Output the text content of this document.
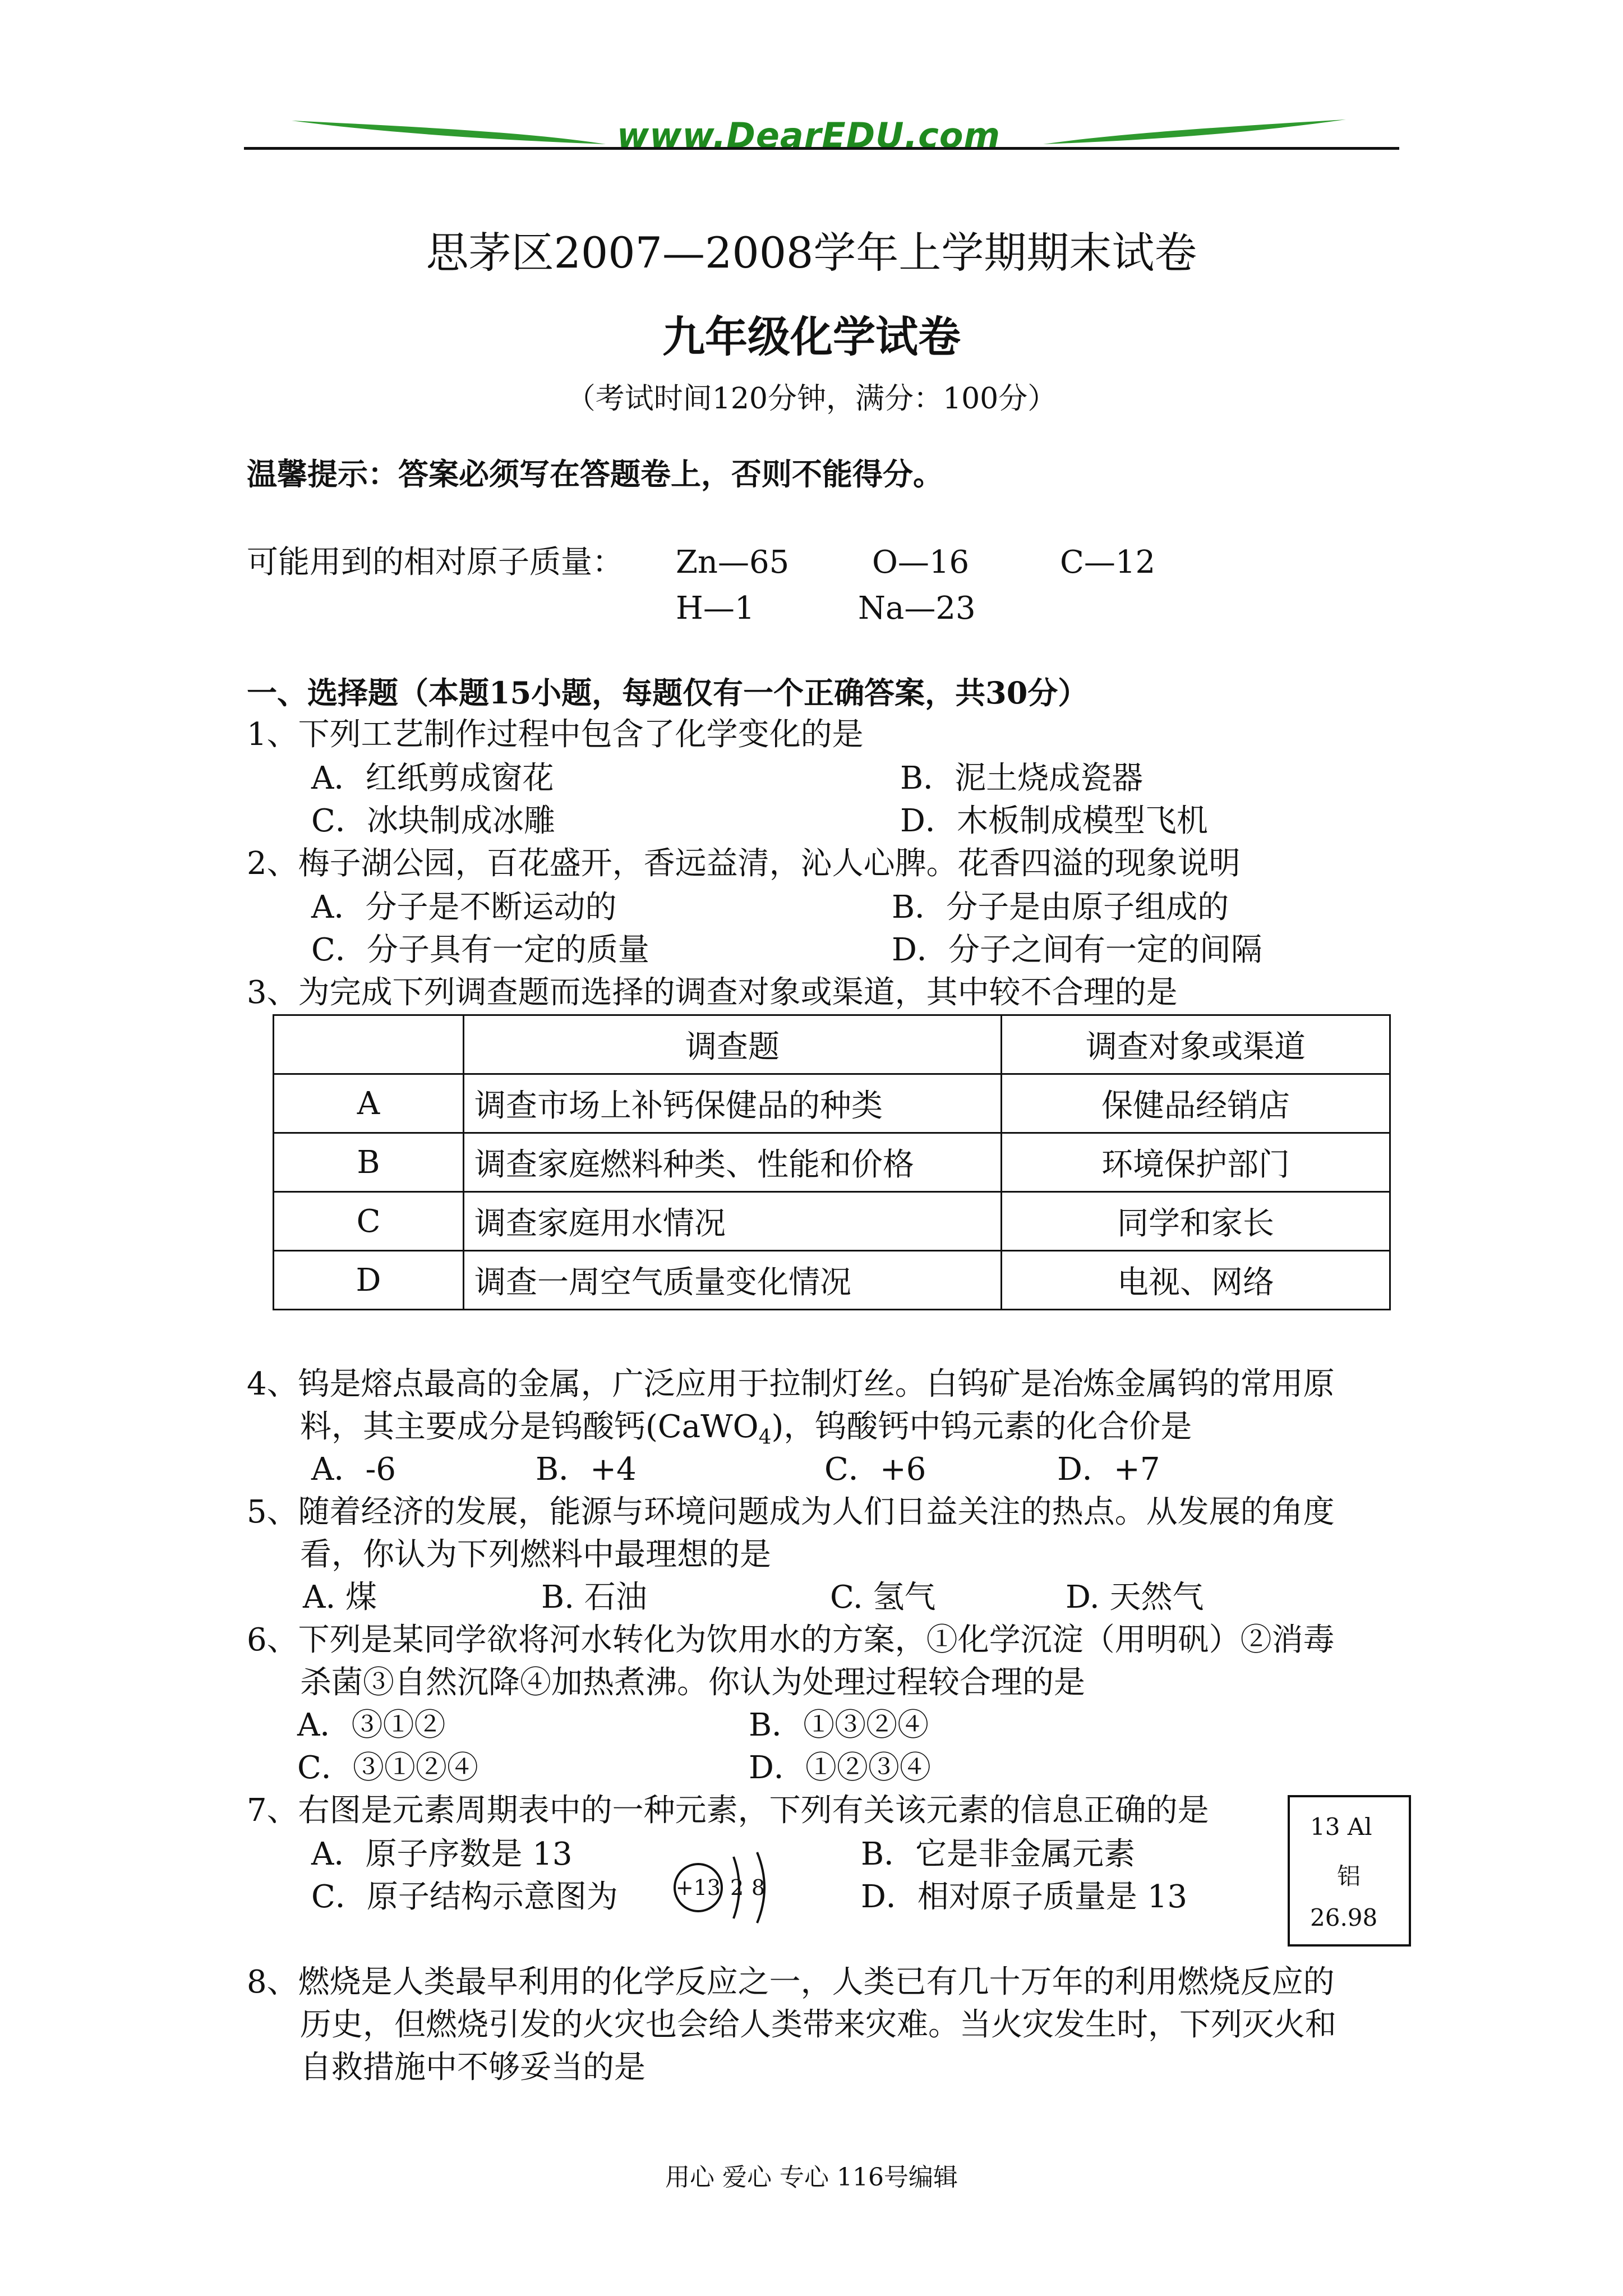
www.DearEDU.com
思茅区2007—2008学年上学期期末试卷
九年级化学试卷
（考试时间120分钟，满分：100分）
温馨提示：答案必须写在答题卷上，否则不能得分。
可能用到的相对原子质量： Zn—65	O—16	C—12
H—1	Na—23
一、选择题（本题15小题，每题仅有一个正确答案，共30分）
1、下列工艺制作过程中包含了化学变化的是
A．红纸剪成窗花	B．泥土烧成瓷器
C．冰块制成冰雕	D．木板制成模型飞机
2、梅子湖公园，百花盛开，香远益清，沁人心脾。花香四溢的现象说明
A．分子是不断运动的	B．分子是由原子组成的
C．分子具有一定的质量	D．分子之间有一定的间隔
3、为完成下列调查题而选择的调查对象或渠道，其中较不合理的是
	调查题	调查对象或渠道
A	调查市场上补钙保健品的种类	保健品经销店
B	调查家庭燃料种类、性能和价格	环境保护部门
C	调查家庭用水情况	同学和家长
D	调查一周空气质量变化情况	电视、网络
4、钨是熔点最高的金属，广泛应用于拉制灯丝。白钨矿是冶炼金属钨的常用原
料，其主要成分是钨酸钙(CaWO$_4$)，钨酸钙中钨元素的化合价是
A．-6	B．+4	C．+6	D．+7
5、随着经济的发展，能源与环境问题成为人们日益关注的热点。从发展的角度
看，你认为下列燃料中最理想的是
A. 煤	B. 石油	C. 氢气	D. 天然气
6、下列是某同学欲将河水转化为饮用水的方案，①化学沉淀（用明矾）②消毒
杀菌③自然沉降④加热煮沸。你认为处理过程较合理的是
A．③①②	B．①③②④
C．③①②④	D．①②③④
7、右图是元素周期表中的一种元素，下列有关该元素的信息正确的是
A．原子序数是 13	B．它是非金属元素
C．原子结构示意图为	D．相对原子质量是 13
+13 2 8
13 Al
铝
26.98
8、燃烧是人类最早利用的化学反应之一，人类已有几十万年的利用燃烧反应的
历史，但燃烧引发的火灾也会给人类带来灾难。当火灾发生时，下列灭火和
自救措施中不够妥当的是
用心 爱心 专心 116号编辑
